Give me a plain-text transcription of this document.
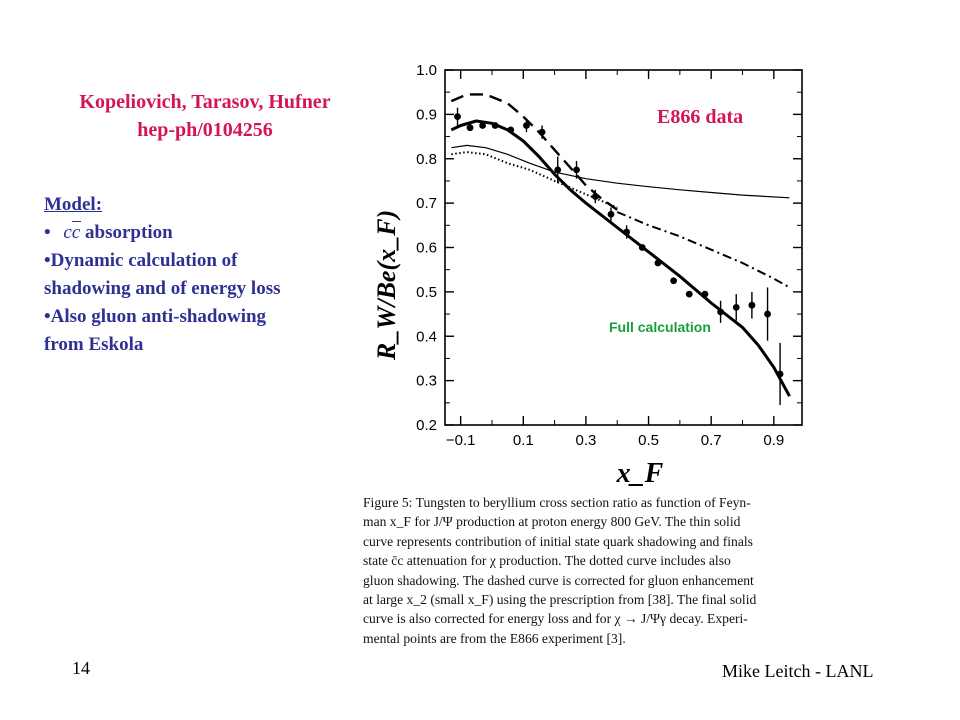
Kopeliovich, Tarasov, Hufner
hep-ph/0104256
Model:
• cc absorption
•Dynamic calculation of
shadowing and of energy loss
•Also gluon anti-shadowing
from Eskola
0.2
0.3
0.4
0.5
0.6
0.7
0.8
0.9
1.0
−0.1 0.1	0.3	0.5	0.7	0.9
R_W/Be(x_F)
x_F
E866 data
Full calculation
Figure 5: Tungsten to beryllium cross section ratio as function of Feyn-
man x_F for J/Ψ production at proton energy 800 GeV. The thin solid
curve represents contribution of initial state quark shadowing and finals
state c̄c attenuation for χ production. The dotted curve includes also
gluon shadowing. The dashed curve is corrected for gluon enhancement
at large x_2 (small x_F) using the prescription from [38]. The final solid
curve is also corrected for energy loss and for χ → J/Ψγ decay. Experi-
mental points are from the E866 experiment [3].
14	Mike Leitch - LANL
